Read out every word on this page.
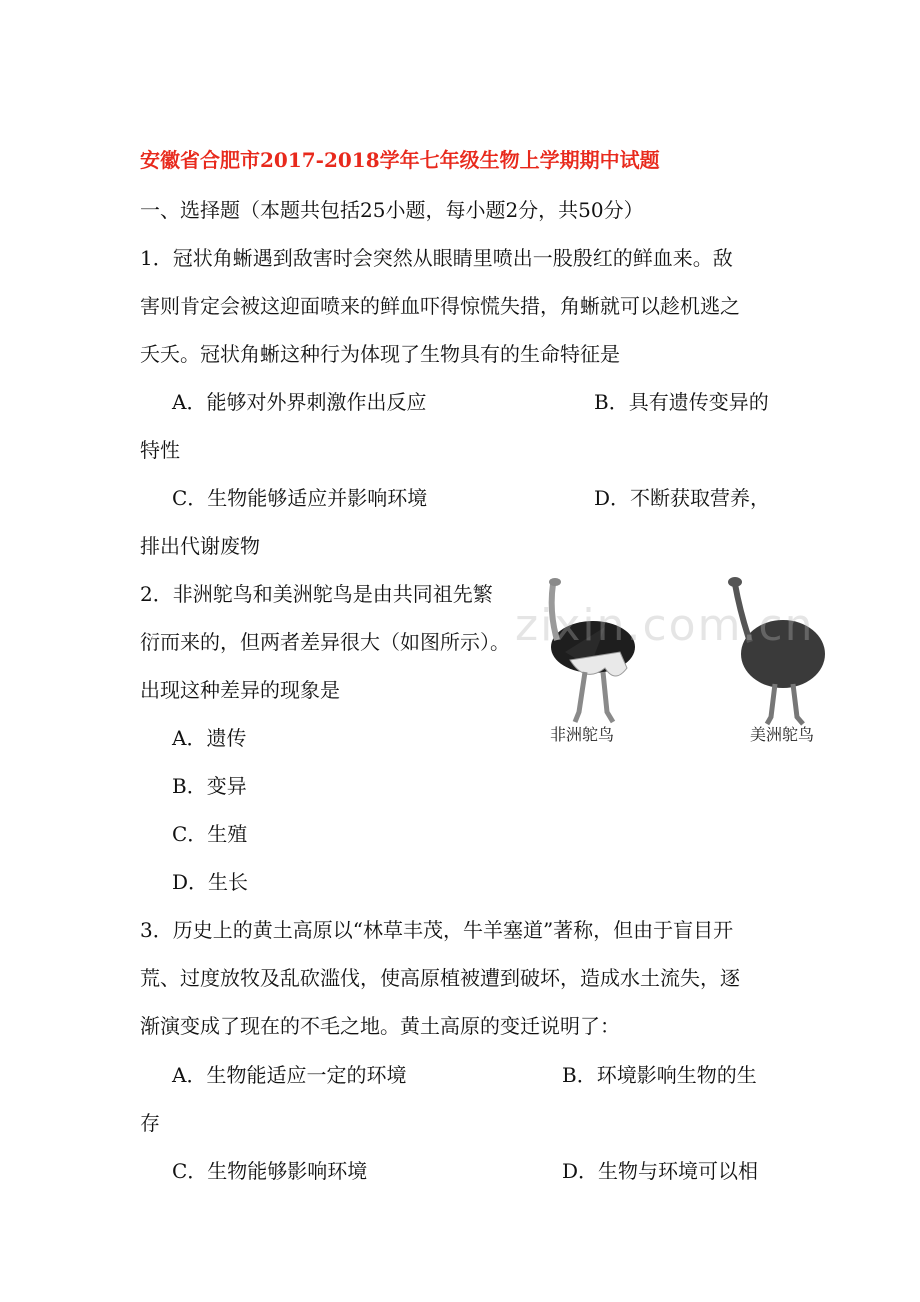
安徽省合肥市2017-2018学年七年级生物上学期期中试题
一、选择题（本题共包括25小题，每小题2分，共50分）
1．冠状角蜥遇到敌害时会突然从眼睛里喷出一股殷红的鲜血来。敌
害则肯定会被这迎面喷来的鲜血吓得惊慌失措，角蜥就可以趁机逃之
夭夭。冠状角蜥这种行为体现了生物具有的生命特征是
A．能够对外界刺激作出反应	B．具有遗传变异的
特性
C．生物能够适应并影响环境	D．不断获取营养，
排出代谢废物
2．非洲鸵鸟和美洲鸵鸟是由共同祖先繁
衍而来的，但两者差异很大（如图所示）。
出现这种差异的现象是
A．遗传
B．变异
C．生殖
D．生长
非洲鸵鸟	美洲鸵鸟
zixin.com.cn
3．历史上的黄土高原以“林草丰茂，牛羊塞道”著称，但由于盲目开
荒、过度放牧及乱砍滥伐，使高原植被遭到破坏，造成水土流失，逐
渐演变成了现在的不毛之地。黄土高原的变迁说明了：
A．生物能适应一定的环境	B．环境影响生物的生
存
C．生物能够影响环境	D．生物与环境可以相
